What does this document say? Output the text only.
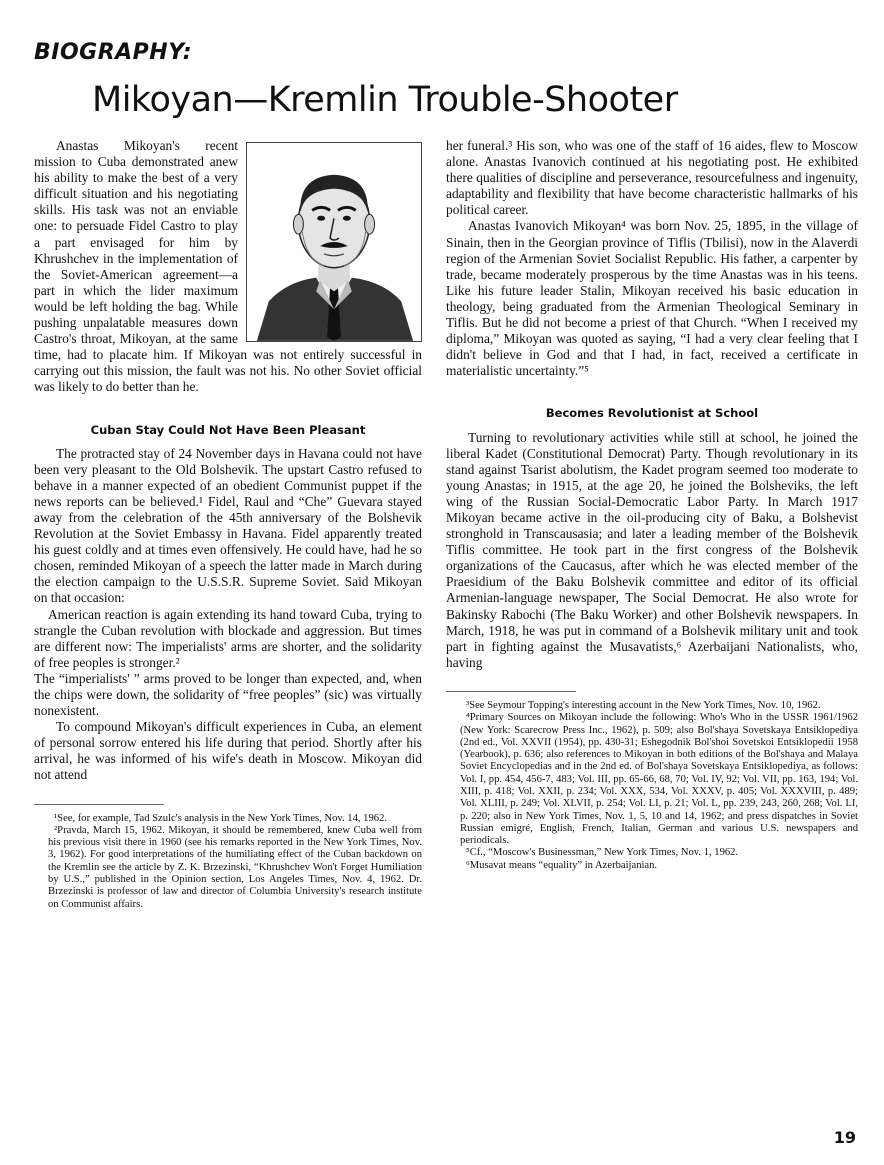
BIOGRAPHY:
Mikoyan—Kremlin Trouble-Shooter

Anastas Mikoyan's recent mission to Cuba demonstrated anew his ability to make the best of a very difficult situation and his negotiating skills. His task was not an enviable one: to persuade Fidel Castro to play a part envisaged for him by Khrushchev in the implementation of the Soviet-American agreement—a part in which the lider maximum would be left holding the bag. While pushing unpalatable measures down Castro's throat, Mikoyan, at the same time, had to placate him. If Mikoyan was not entirely successful in carrying out this mission, the fault was not his. No other Soviet official was likely to do better than he.

Cuban Stay Could Not Have Been Pleasant

The protracted stay of 24 November days in Havana could not have been very pleasant to the Old Bolshevik. The upstart Castro refused to behave in a manner expected of an obedient Communist puppet if the news reports can be believed.¹ Fidel, Raul and “Che” Guevara stayed away from the celebration of the 45th anniversary of the Bolshevik Revolution at the Soviet Embassy in Havana. Fidel apparently treated his guest coldly and at times even offensively. He could have, had he so chosen, reminded Mikoyan of a speech the latter made in March during the election campaign to the U.S.S.R. Supreme Soviet. Said Mikoyan on that occasion:

American reaction is again extending its hand toward Cuba, trying to strangle the Cuban revolution with blockade and aggression. But times are different now: The imperialists' arms are shorter, and the solidarity of free peoples is stronger.²

The “imperialists' ” arms proved to be longer than expected, and, when the chips were down, the solidarity of “free peoples” (sic) was virtually nonexistent.

To compound Mikoyan's difficult experiences in Cuba, an element of personal sorrow entered his life during that period. Shortly after his arrival, he was informed of his wife's death in Moscow. Mikoyan did not attend

¹See, for example, Tad Szulc's analysis in the New York Times, Nov. 14, 1962.

²Pravda, March 15, 1962. Mikoyan, it should be remembered, knew Cuba well from his previous visit there in 1960 (see his remarks reported in the New York Times, Nov. 3, 1962). For good interpretations of the humiliating effect of the Cuban backdown on the Kremlin see the article by Z. K. Brzezinski, “Khrushchev Won't Forget Humiliation by U.S.,” published in the Opinion section, Los Angeles Times, Nov. 4, 1962. Dr. Brzezinski is professor of law and director of Columbia University's research institute on Communist affairs.

her funeral.³ His son, who was one of the staff of 16 aides, flew to Moscow alone. Anastas Ivanovich continued at his negotiating post. He exhibited there qualities of discipline and perseverance, resourcefulness and ingenuity, adaptability and flexibility that have become characteristic hallmarks of his political career.

Anastas Ivanovich Mikoyan⁴ was born Nov. 25, 1895, in the village of Sinain, then in the Georgian province of Tiflis (Tbilisi), now in the Alaverdi region of the Armenian Soviet Socialist Republic. His father, a carpenter by trade, became moderately prosperous by the time Anastas was in his teens. Like his future leader Stalin, Mikoyan received his basic education in theology, being graduated from the Armenian Theological Seminary in Tiflis. But he did not become a priest of that Church. “When I received my diploma,” Mikoyan was quoted as saying, “I had a very clear feeling that I didn't believe in God and that I had, in fact, received a certificate in materialistic uncertainty.”⁵

Becomes Revolutionist at School

Turning to revolutionary activities while still at school, he joined the liberal Kadet (Constitutional Democrat) Party. Though revolutionary in its stand against Tsarist abolutism, the Kadet program seemed too moderate to young Anastas; in 1915, at the age 20, he joined the Bolsheviks, the left wing of the Russian Social-Democratic Labor Party. In March 1917 Mikoyan became active in the oil-producing city of Baku, a Bolshevist stronghold in Transcausasia; and later a leading member of the Bolshevik Tiflis committee. He took part in the first congress of the Bolshevik organizations of the Caucasus, after which he was elected member of the Praesidium of the Baku Bolshevik committee and editor of its official Armenian-language newspaper, The Social Democrat. He also wrote for Bakinsky Rabochi (The Baku Worker) and other Bolshevik newspapers. In March, 1918, he was put in command of a Bolshevik military unit and took part in fighting against the Musavatists,⁶ Azerbaijani Nationalists, who, having

³See Seymour Topping's interesting account in the New York Times, Nov. 10, 1962.

⁴Primary Sources on Mikoyan include the following: Who's Who in the USSR 1961/1962 (New York: Scarecrow Press Inc., 1962), p. 509; also Bol'shaya Sovetskaya Entsiklopediya (2nd ed., Vol. XXVII (1954), pp. 430-31; Eshegodnik Bol'shoi Sovetskoi Entsiklopedii 1958 (Yearbook), p. 636; also references to Mikoyan in both editions of the Bol'shaya and Malaya Soviet Encyclopedias and in the 2nd ed. of Bol'shaya Sovetskaya Entsiklopediya, as follows: Vol. I, pp. 454, 456-7, 483; Vol. III, pp. 65-66, 68, 70; Vol. IV, 92; Vol. VII, pp. 163, 194; Vol. XIII, p. 418; Vol. XXII, p. 234; Vol. XXX, 534, Vol. XXXV, p. 405; Vol. XXXVIII, p. 489; Vol. XLIII, p. 249; Vol. XLVII, p. 254; Vol. LI, p. 21; Vol. L, pp. 239, 243, 260, 268; Vol. LI, p. 220; also in New York Times, Nov. 1, 5, 10 and 14, 1962; and press dispatches in Soviet Russian emigré, English, French, Italian, German and various U.S. newspapers and periodicals.

⁵Cf., “Moscow's Businessman,” New York Times, Nov. 1, 1962.

⁶Musavat means “equality” in Azerbaijanian.

19
